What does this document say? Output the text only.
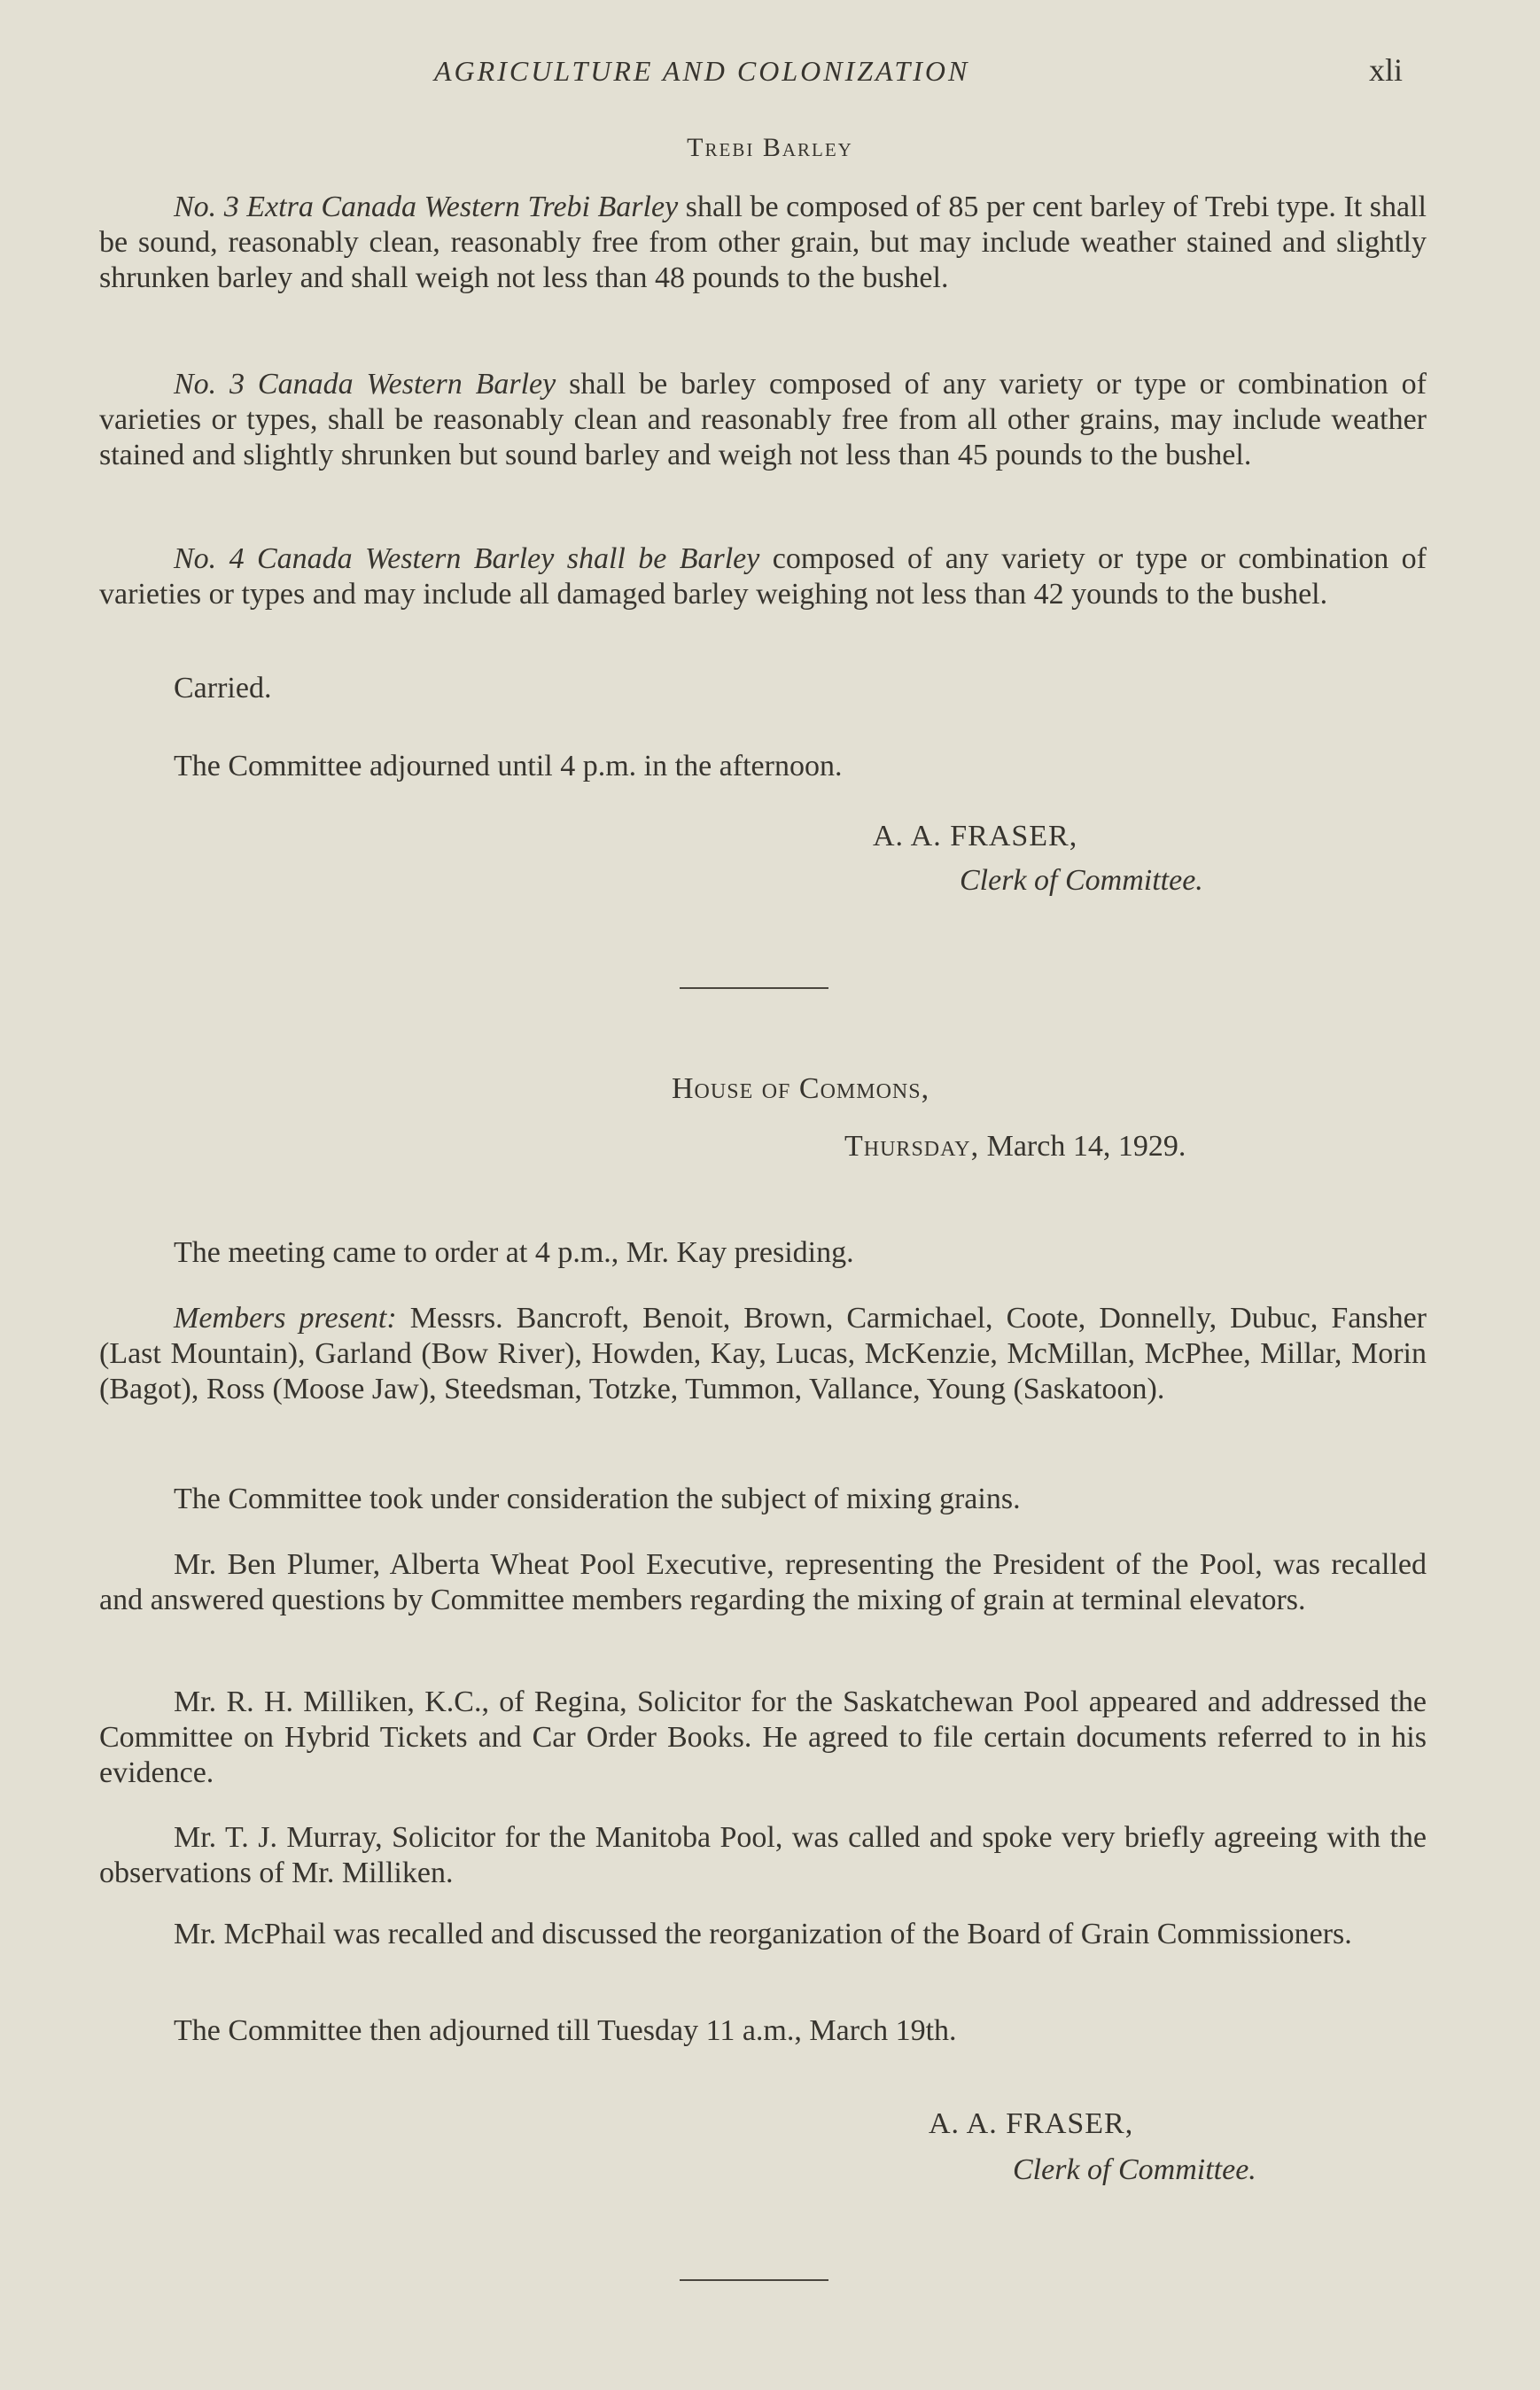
AGRICULTURE AND COLONIZATION	xli
Trebi Barley

No. 3 Extra Canada Western Trebi Barley shall be composed of 85 per cent barley of Trebi type. It shall be sound, reasonably clean, reasonably free from other grain, but may include weather stained and slightly shrunken barley and shall weigh not less than 48 pounds to the bushel.

No. 3 Canada Western Barley shall be barley composed of any variety or type or combination of varieties or types, shall be reasonably clean and reasonably free from all other grains, may include weather stained and slightly shrunken but sound barley and weigh not less than 45 pounds to the bushel.

No. 4 Canada Western Barley shall be Barley composed of any variety or type or combination of varieties or types and may include all damaged barley weighing not less than 42 younds to the bushel.

Carried.

The Committee adjourned until 4 p.m. in the afternoon.

A. A. FRASER,
Clerk of Committee.
House of Commons,
Thursday, March 14, 1929.

The meeting came to order at 4 p.m., Mr. Kay presiding.

Members present: Messrs. Bancroft, Benoit, Brown, Carmichael, Coote, Donnelly, Dubuc, Fansher (Last Mountain), Garland (Bow River), Howden, Kay, Lucas, McKenzie, McMillan, McPhee, Millar, Morin (Bagot), Ross (Moose Jaw), Steedsman, Totzke, Tummon, Vallance, Young (Saskatoon).

The Committee took under consideration the subject of mixing grains.

Mr. Ben Plumer, Alberta Wheat Pool Executive, representing the President of the Pool, was recalled and answered questions by Committee members regarding the mixing of grain at terminal elevators.

Mr. R. H. Milliken, K.C., of Regina, Solicitor for the Saskatchewan Pool appeared and addressed the Committee on Hybrid Tickets and Car Order Books. He agreed to file certain documents referred to in his evidence.

Mr. T. J. Murray, Solicitor for the Manitoba Pool, was called and spoke very briefly agreeing with the observations of Mr. Milliken.

Mr. McPhail was recalled and discussed the reorganization of the Board of Grain Commissioners.

The Committee then adjourned till Tuesday 11 a.m., March 19th.

A. A. FRASER,
Clerk of Committee.
